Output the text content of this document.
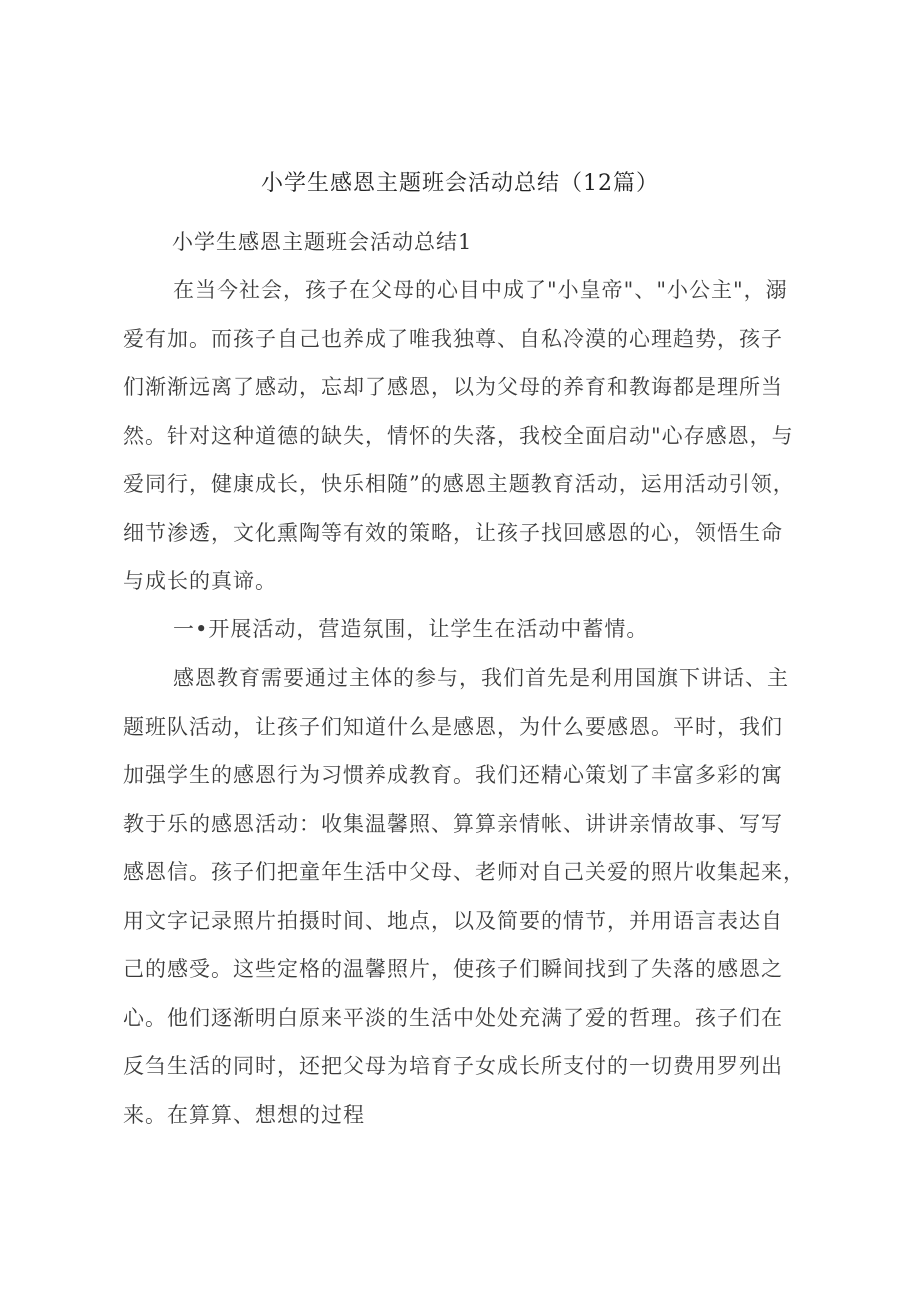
小学生感恩主题班会活动总结（12篇）
小学生感恩主题班会活动总结1
在当今社会，孩子在父母的心目中成了"小皇帝"、"小公主"，溺
爱有加。而孩子自己也养成了唯我独尊、自私冷漠的心理趋势，孩子
们渐渐远离了感动，忘却了感恩，以为父母的养育和教诲都是理所当
然。针对这种道德的缺失，情怀的失落，我校全面启动"心存感恩，与
爱同行，健康成长，快乐相随”的感恩主题教育活动，运用活动引领，
细节渗透，文化熏陶等有效的策略，让孩子找回感恩的心，领悟生命
与成长的真谛。
一•开展活动，营造氛围，让学生在活动中蓄情。
感恩教育需要通过主体的参与，我们首先是利用国旗下讲话、主
题班队活动，让孩子们知道什么是感恩，为什么要感恩。平时，我们
加强学生的感恩行为习惯养成教育。我们还精心策划了丰富多彩的寓
教于乐的感恩活动：收集温馨照、算算亲情帐、讲讲亲情故事、写写
感恩信。孩子们把童年生活中父母、老师对自己关爱的照片收集起来，
用文字记录照片拍摄时间、地点，以及简要的情节，并用语言表达自
己的感受。这些定格的温馨照片，使孩子们瞬间找到了失落的感恩之
心。他们逐渐明白原来平淡的生活中处处充满了爱的哲理。孩子们在
反刍生活的同时，还把父母为培育子女成长所支付的一切费用罗列出
来。在算算、想想的过程
